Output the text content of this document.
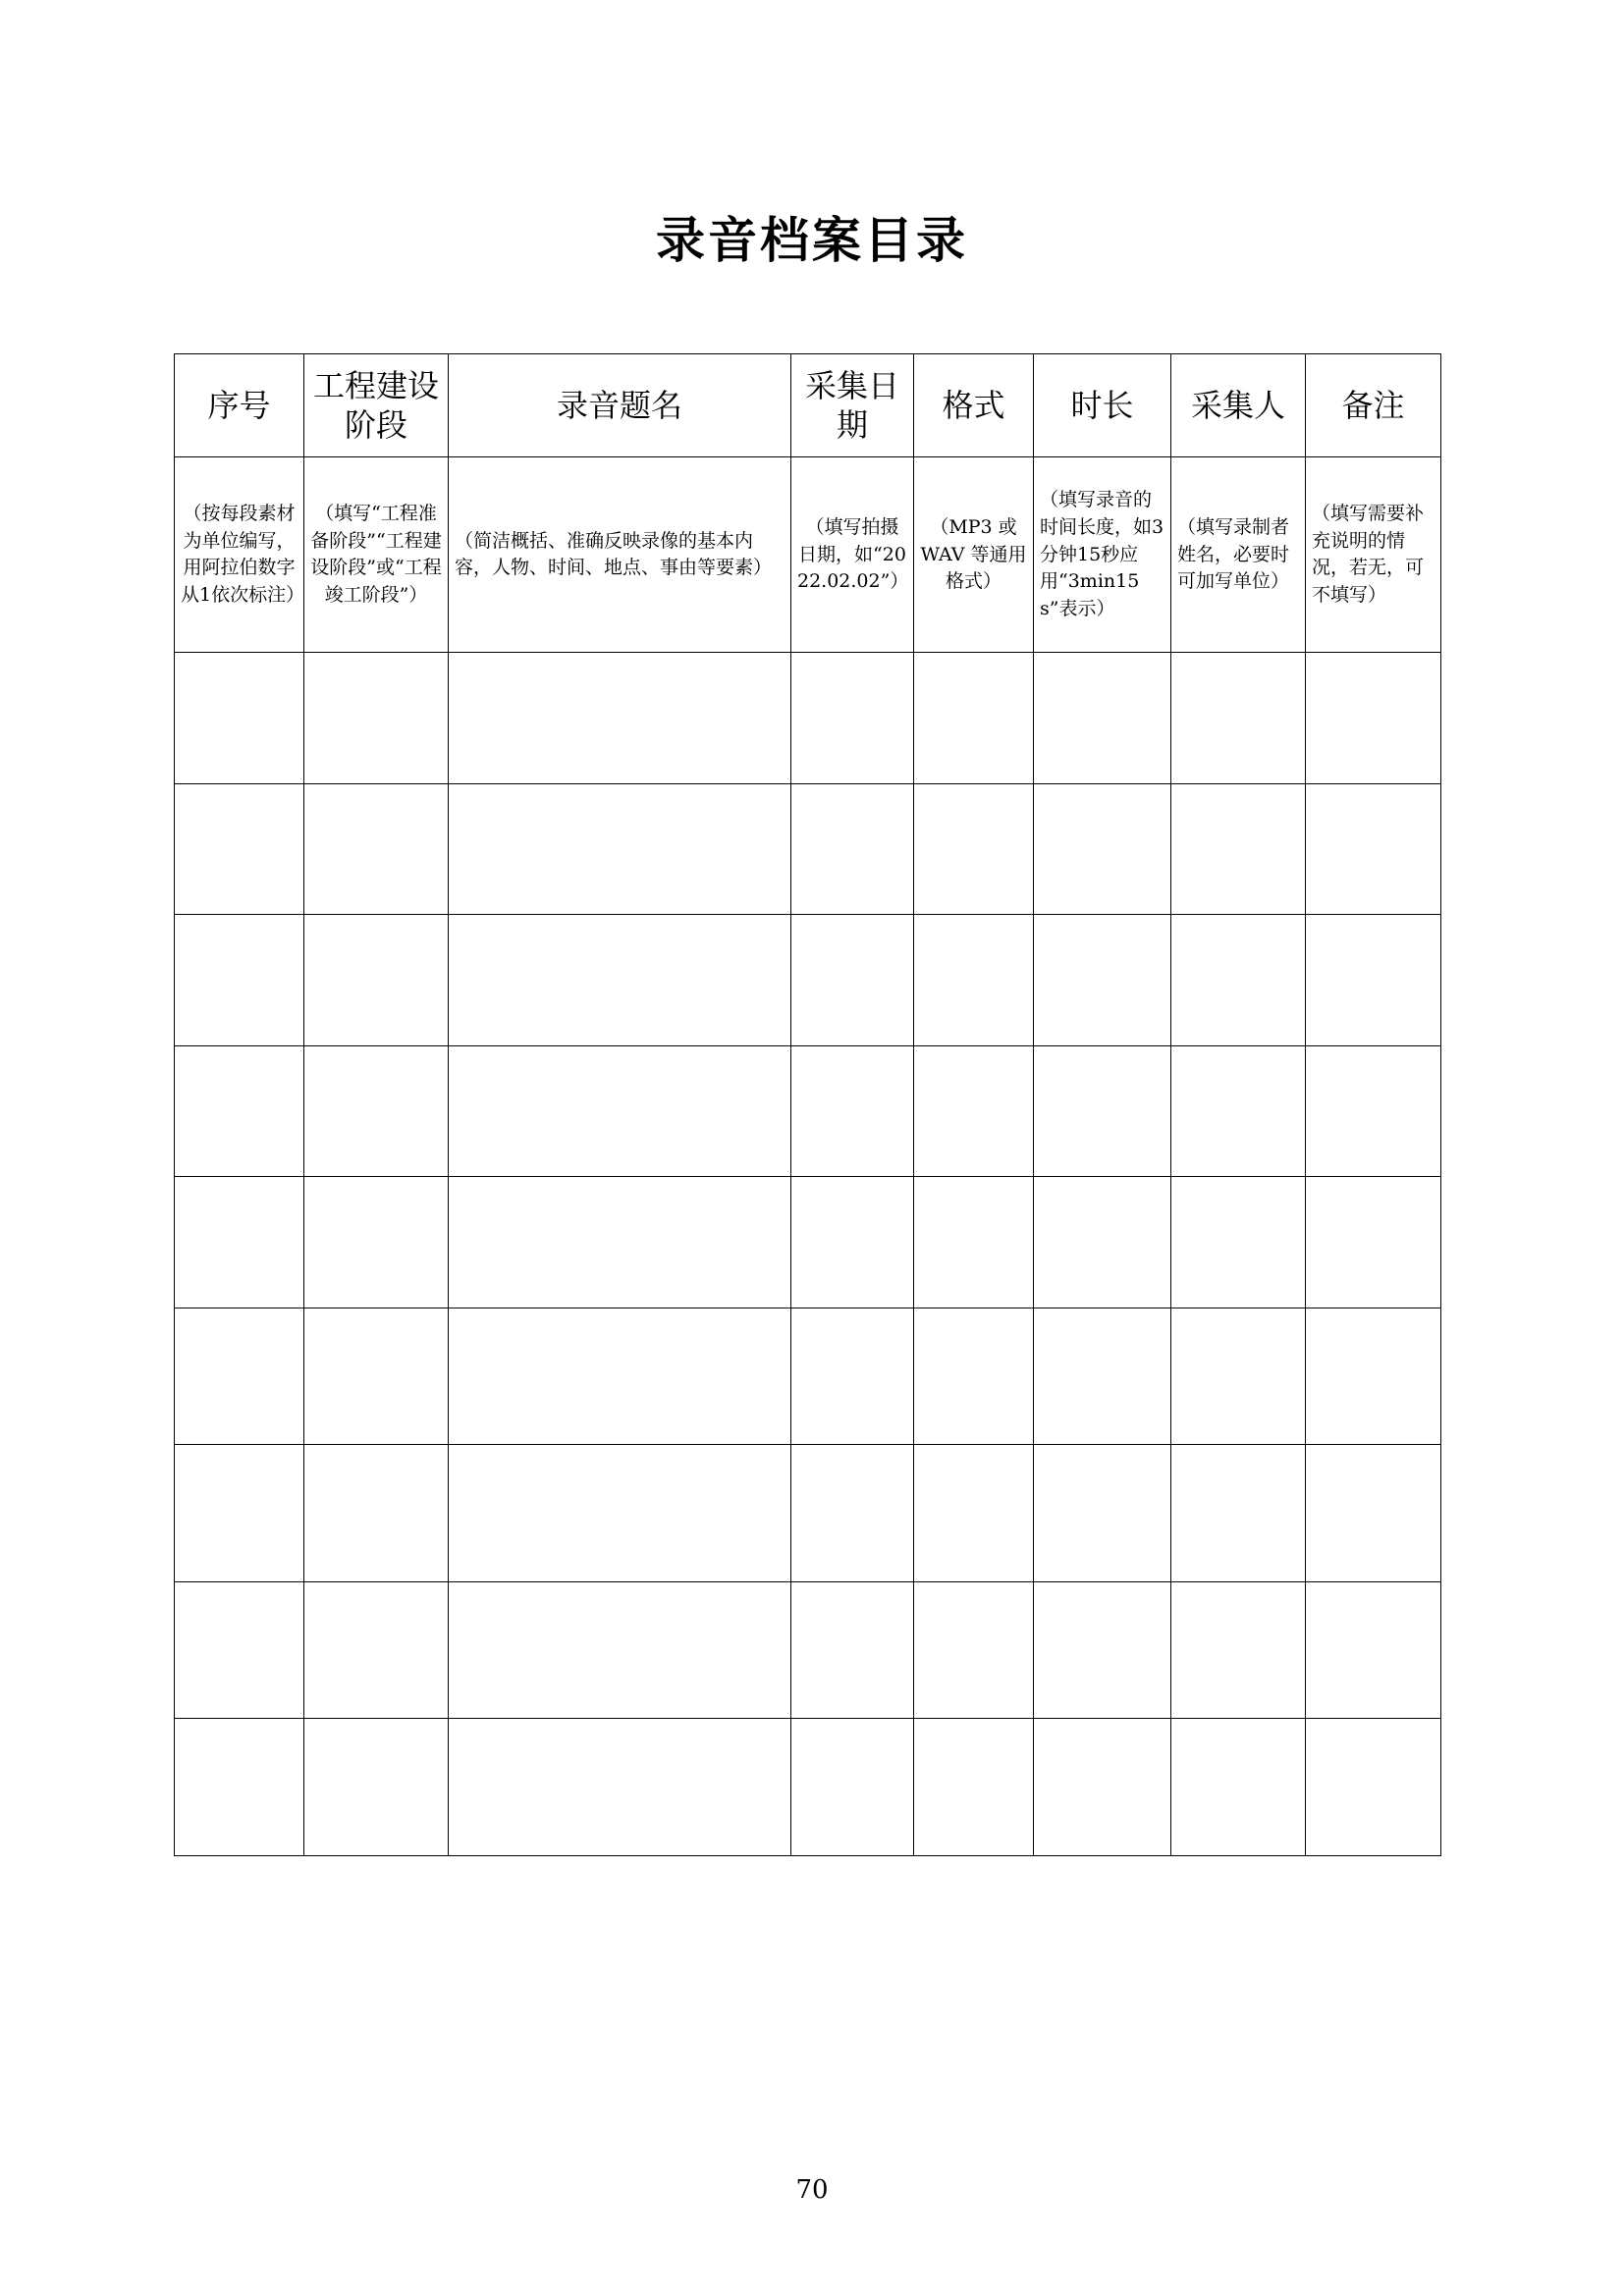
录音档案目录
序号	工程建设阶段	录音题名	采集日期	格式	时长	采集人	备注
（按每段素材为单位编写，用阿拉伯数字从1依次标注）	（填写“工程准备阶段”“工程建设阶段”或“工程竣工阶段”）	（简洁概括、准确反映录像的基本内容，人物、时间、地点、事由等要素）	（填写拍摄日期，如“2022.02.02”）	（MP3 或 WAV 等通用格式）	（填写录音的时间长度，如3分钟15秒应用“3min15s”表示）	（填写录制者姓名，必要时可加写单位）	（填写需要补充说明的情况，若无，可不填写）

70
